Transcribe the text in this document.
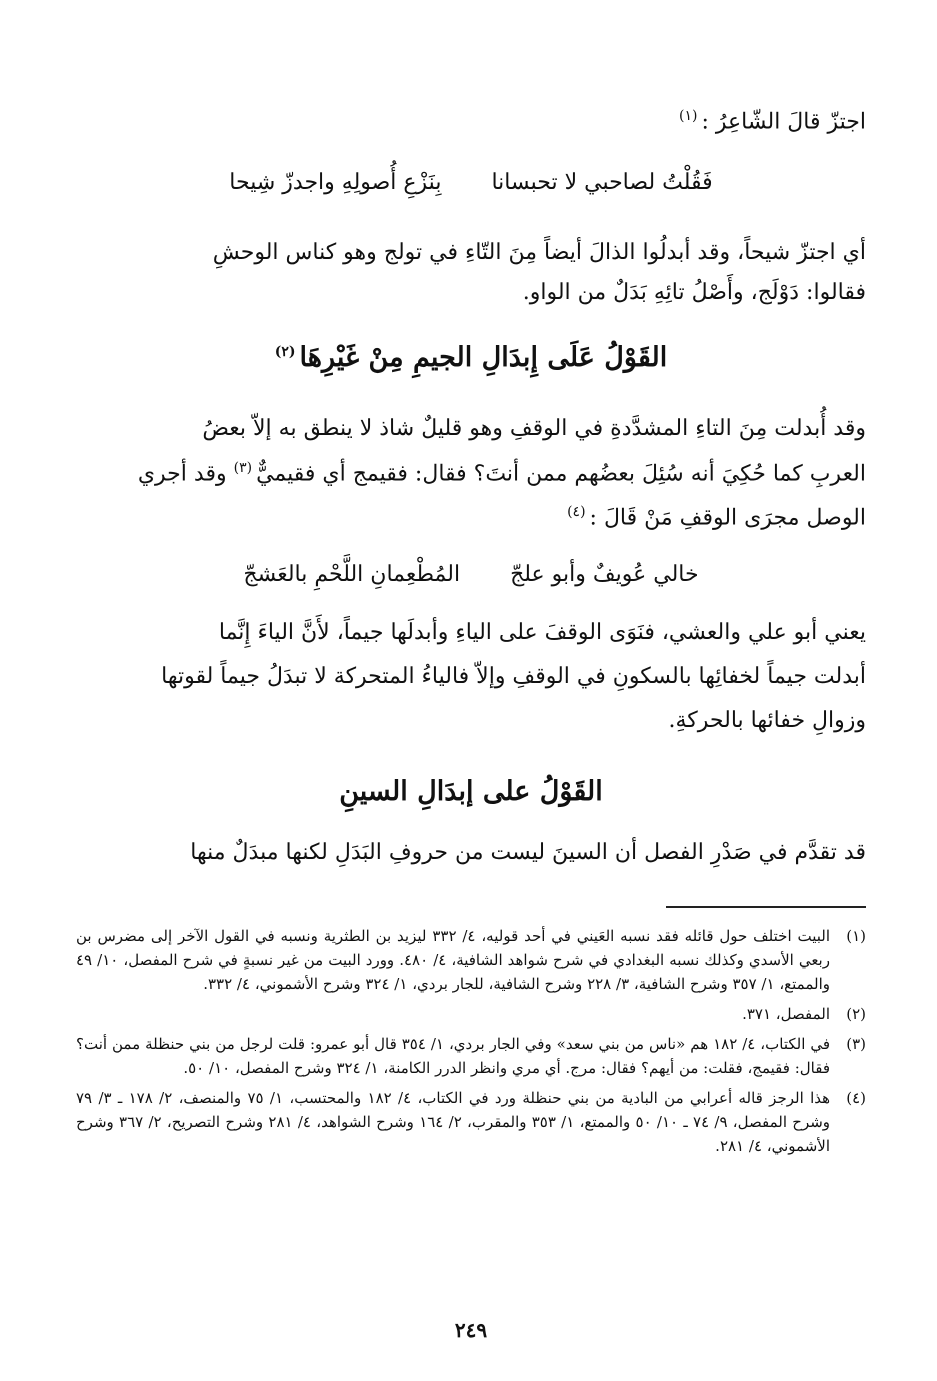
اجتزّ قالَ الشّاعِرُ :$^{(١)}$
فَقُلْتُ لصاحبي لا تحبسانا
بِنَزْعِ أُصولِهِ واجدزّ شِيحا
أي اجتزّ شيحاً، وقد أبدلُوا الذالَ أيضاً مِنَ التّاءِ في تولج وهو كناس الوحشِ
فقالوا: دَوْلَج، وأَصْلُ تائِهِ بَدَلٌ من الواو.
القَوْلُ عَلَى إِبدَالِ الجيمِ مِنْ غَيْرِهَا$^{(٢)}$
وقد أُبدلت مِنَ التاءِ المشدَّدةِ في الوقفِ وهو قليلٌ شاذ لا ينطق به إلاّ بعضُ
العربِ كما حُكِيَ أنه سُئِلَ بعضُهم ممن أنتَ؟ فقال: فقيمج أي فقيميٌّ$^{(٣)}$ وقد أجري
الوصل مجرَى الوقفِ مَنْ قَالَ :$^{(٤)}$
خالي عُويفٌ وأبو علجّ
المُطْعِمانِ اللَّحْمِ بالعَشجّ
يعني أبو علي والعشي، فنَوَى الوقفَ على الياءِ وأبدلَها جيماً، لأَنَّ الياءَ إِنَّما
أبدلت جيماً لخفائِها بالسكونِ في الوقفِ وإلاّ فالياءُ المتحركة لا تبدَلُ جيماً لقوتها
وزوالِ خفائها بالحركةِ.
القَوْلُ على إبدَالِ السينِ
قد تقدَّم في صَدْرِ الفصل أن السينَ ليست من حروفِ البَدَلِ لكنها مبدَلٌ منها
(١)
البيت اختلف حول قائله فقد نسبه العَيني في أحد قوليه، ٤/ ٣٣٢ ليزيد بن الطثرية ونسبه في القول الآخر إلى مضرس بن ربعي الأسدي وكذلك نسبه البغدادي في شرح شواهد الشافية، ٤/ ٤٨٠. وورد البيت من غير نسبةٍ في شرح المفصل، ١٠/ ٤٩ والممتع، ١/ ٣٥٧ وشرح الشافية، ٣/ ٢٢٨ وشرح الشافية، للجار بردي، ١/ ٣٢٤ وشرح الأشموني، ٤/ ٣٣٢.
(٢)
المفصل، ٣٧١.
(٣)
في الكتاب، ٤/ ١٨٢ هم «ناس من بني سعد» وفي الجار بردي، ١/ ٣٥٤ قال أبو عمرو: قلت لرجل من بني حنظلة ممن أنت؟ فقال: فقيمج، فقلت: من أيهم؟ فقال: مرج. أي مري وانظر الدرر الكامنة، ١/ ٣٢٤ وشرح المفصل، ١٠/ ٥٠.
(٤)
هذا الرجز قاله أعرابي من البادية من بني حنظلة ورد في الكتاب، ٤/ ١٨٢ والمحتسب، ١/ ٧٥ والمنصف، ٢/ ١٧٨ ـ ٣/ ٧٩ وشرح المفصل، ٩/ ٧٤ ـ ١٠/ ٥٠ والممتع، ١/ ٣٥٣ والمقرب، ٢/ ١٦٤ وشرح الشواهد، ٤/ ٢٨١ وشرح التصريح، ٢/ ٣٦٧ وشرح الأشموني، ٤/ ٢٨١.
٢٤٩
